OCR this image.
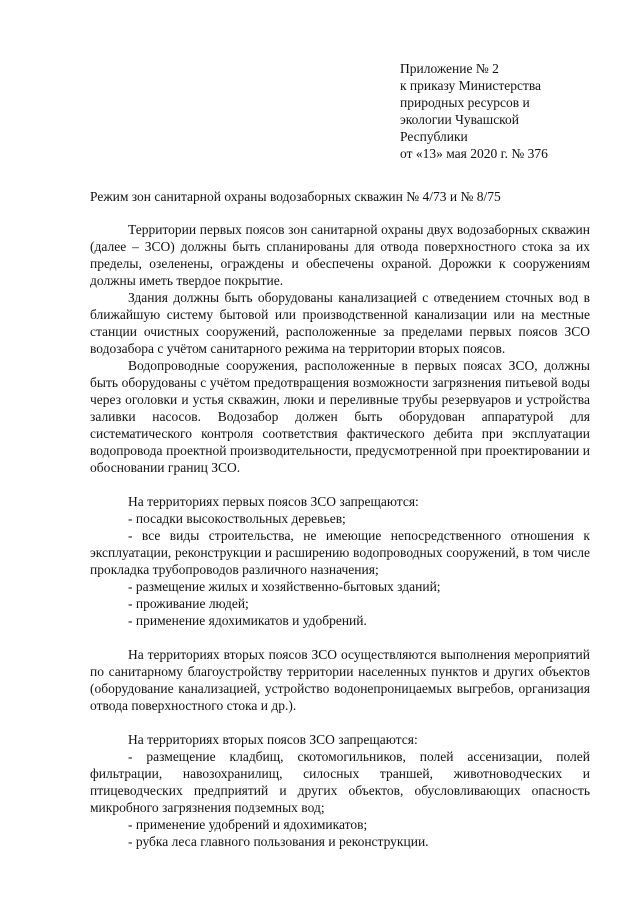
Приложение № 2
к приказу Министерства природных ресурсов и экологии Чувашской Республики
от «13» мая 2020 г. № 376
Режим зон санитарной охраны водозаборных скважин № 4/73 и № 8/75

Территории первых поясов зон санитарной охраны двух водозаборных скважин (далее – ЗСО) должны быть спланированы для отвода поверхностного стока за их пределы, озеленены, ограждены и обеспечены охраной. Дорожки к сооружениям должны иметь твердое покрытие.

Здания должны быть оборудованы канализацией с отведением сточных вод в ближайшую систему бытовой или производственной канализации или на местные станции очистных сооружений, расположенные за пределами первых поясов ЗСО водозабора с учётом санитарного режима на территории вторых поясов.

Водопроводные сооружения, расположенные в первых поясах ЗСО, должны быть оборудованы с учётом предотвращения возможности загрязнения питьевой воды через оголовки и устья скважин, люки и переливные трубы резервуаров и устройства заливки насосов. Водозабор должен быть оборудован аппаратурой для систематического контроля соответствия фактического дебита при эксплуатации водопровода проектной производительности, предусмотренной при проектировании и обосновании границ ЗСО.

На территориях первых поясов ЗСО запрещаются:

- посадки высокоствольных деревьев;

- все виды строительства, не имеющие непосредственного отношения к эксплуатации, реконструкции и расширению водопроводных сооружений, в том числе прокладка трубопроводов различного назначения;

- размещение жилых и хозяйственно-бытовых зданий;

- проживание людей;

- применение ядохимикатов и удобрений.

На территориях вторых поясов ЗСО осуществляются выполнения мероприятий по санитарному благоустройству территории населенных пунктов и других объектов (оборудование канализацией, устройство водонепроницаемых выгребов, организация отвода поверхностного стока и др.).

На территориях вторых поясов ЗСО запрещаются:

- размещение кладбищ, скотомогильников, полей ассенизации, полей фильтрации, навозохранилищ, силосных траншей, животноводческих и птицеводческих предприятий и других объектов, обусловливающих опасность микробного загрязнения подземных вод;

- применение удобрений и ядохимикатов;

- рубка леса главного пользования и реконструкции.
